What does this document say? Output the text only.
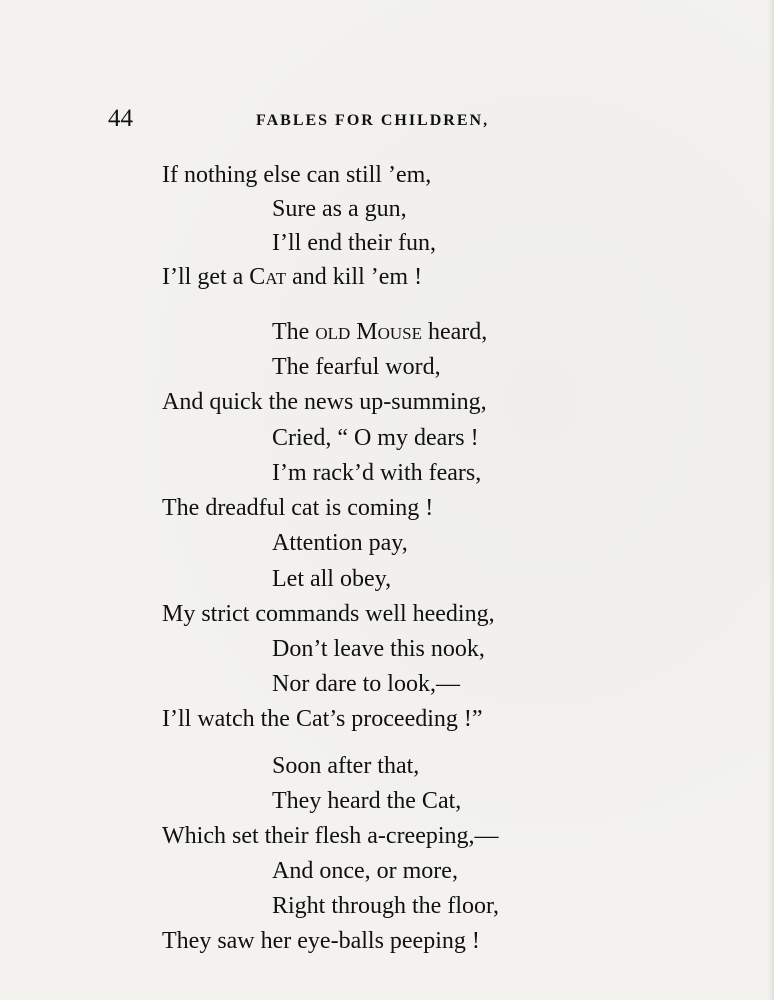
44	FABLES FOR CHILDREN,
If nothing else can still ’em,
Sure as a gun,
I’ll end their fun,
I’ll get a Cat and kill ’em !
The old Mouse heard,
The fearful word,
And quick the news up-summing,
Cried, “ O my dears !
I’m rack’d with fears,
The dreadful cat is coming !
Attention pay,
Let all obey,
My strict commands well heeding,
Don’t leave this nook,
Nor dare to look,—
I’ll watch the Cat’s proceeding !”
Soon after that,
They heard the Cat,
Which set their flesh a-creeping,—
And once, or more,
Right through the floor,
They saw her eye-balls peeping !
